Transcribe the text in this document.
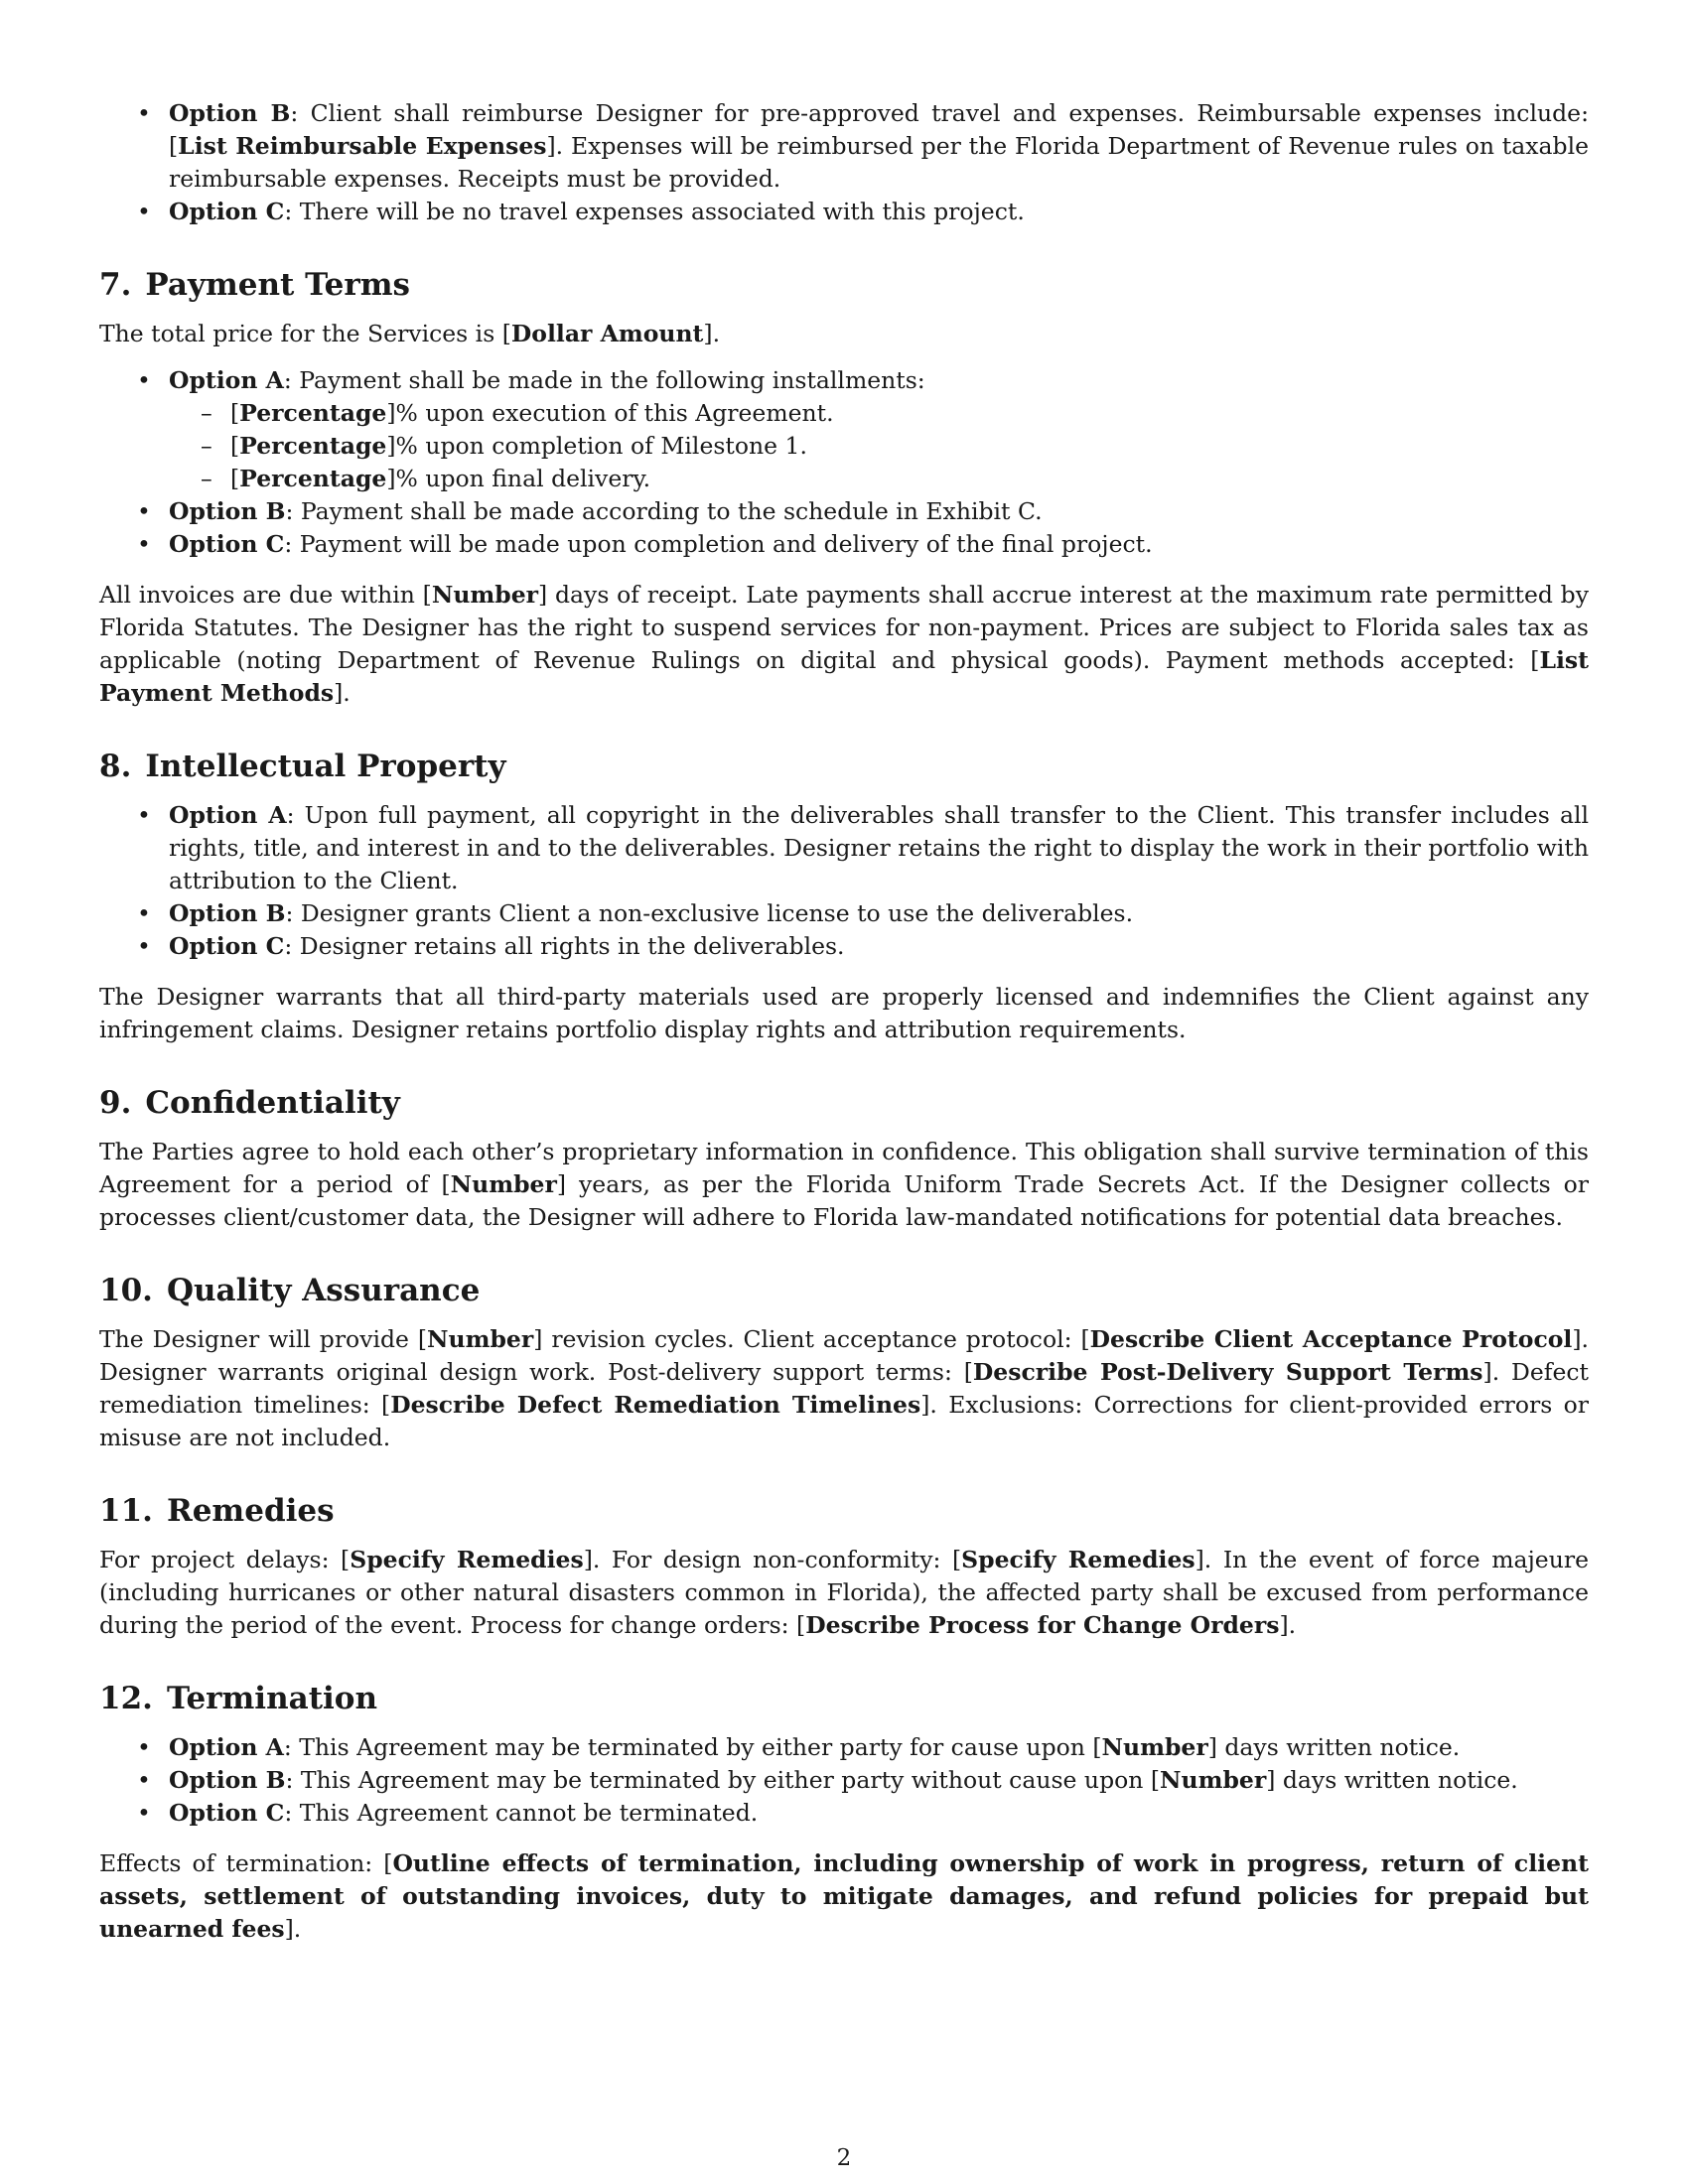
• Option B: Client shall reimburse Designer for pre-approved travel and expenses. Reimbursable expenses include: [List Reimbursable Expenses]. Expenses will be reimbursed per the Florida Department of Revenue rules on taxable reimbursable expenses. Receipts must be provided.
• Option C: There will be no travel expenses associated with this project.
7. Payment Terms

The total price for the Services is [Dollar Amount].

• Option A: Payment shall be made in the following installments:
– [Percentage]% upon execution of this Agreement.
– [Percentage]% upon completion of Milestone 1.
– [Percentage]% upon final delivery.
• Option B: Payment shall be made according to the schedule in Exhibit C.
• Option C: Payment will be made upon completion and delivery of the final project.

All invoices are due within [Number] days of receipt. Late payments shall accrue interest at the maximum rate permitted by Florida Statutes. The Designer has the right to suspend services for non-payment. Prices are subject to Florida sales tax as applicable (noting Department of Revenue Rulings on digital and physical goods). Payment methods accepted: [List Payment Methods].

8. Intellectual Property
• Option A: Upon full payment, all copyright in the deliverables shall transfer to the Client. This transfer includes all rights, title, and interest in and to the deliverables. Designer retains the right to display the work in their portfolio with attribution to the Client.
• Option B: Designer grants Client a non-exclusive license to use the deliverables.
• Option C: Designer retains all rights in the deliverables.

The Designer warrants that all third-party materials used are properly licensed and indemnifies the Client against any infringement claims. Designer retains portfolio display rights and attribution requirements.

9. Confidentiality

The Parties agree to hold each other’s proprietary information in confidence. This obligation shall survive termination of this Agreement for a period of [Number] years, as per the Florida Uniform Trade Secrets Act. If the Designer collects or processes client/customer data, the Designer will adhere to Florida law-mandated notifications for potential data breaches.

10. Quality Assurance

The Designer will provide [Number] revision cycles. Client acceptance protocol: [Describe Client Acceptance Protocol]. Designer warrants original design work. Post-delivery support terms: [Describe Post-Delivery Support Terms]. Defect remediation timelines: [Describe Defect Remediation Timelines]. Exclusions: Corrections for client-provided errors or misuse are not included.

11. Remedies

For project delays: [Specify Remedies]. For design non-conformity: [Specify Remedies]. In the event of force majeure (including hurricanes or other natural disasters common in Florida), the affected party shall be excused from performance during the period of the event. Process for change orders: [Describe Process for Change Orders].

12. Termination
• Option A: This Agreement may be terminated by either party for cause upon [Number] days written notice.
• Option B: This Agreement may be terminated by either party without cause upon [Number] days written notice.
• Option C: This Agreement cannot be terminated.

Effects of termination: [Outline effects of termination, including ownership of work in progress, return of client assets, settlement of outstanding invoices, duty to mitigate damages, and refund policies for prepaid but unearned fees].

2
